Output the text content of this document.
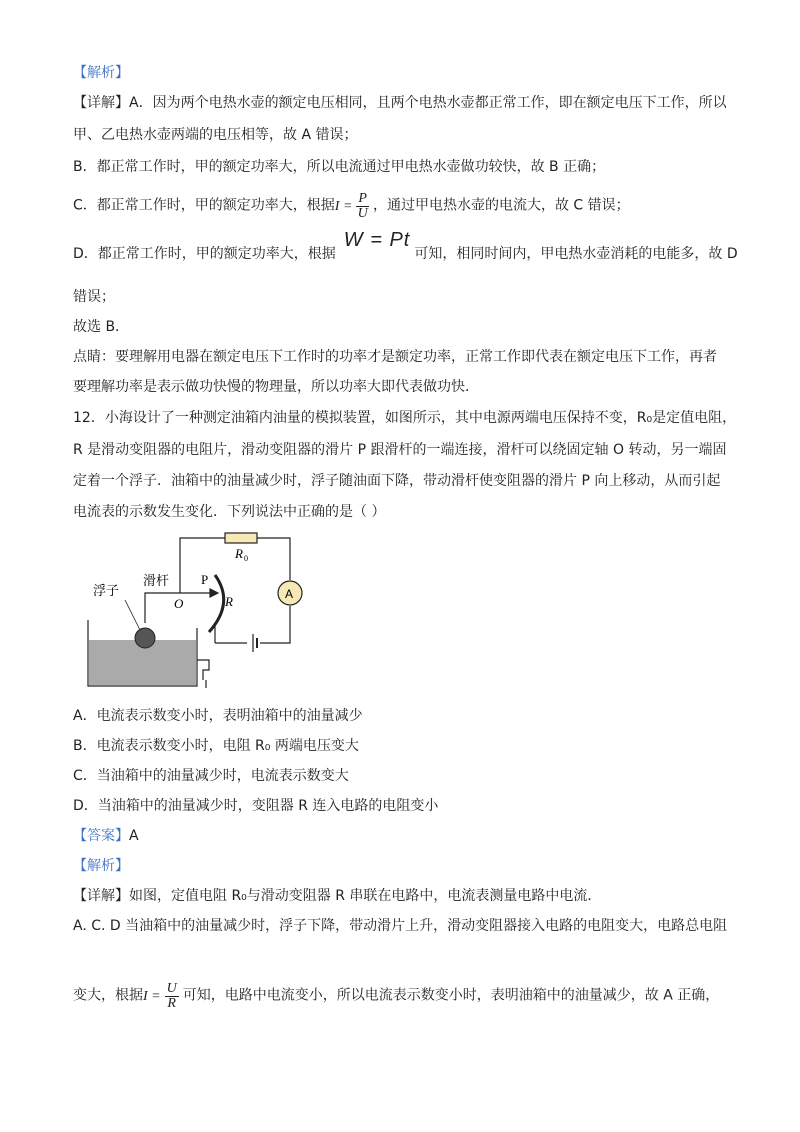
【解析】
【详解】A．因为两个电热水壶的额定电压相同，且两个电热水壶都正常工作，即在额定电压下工作，所以
甲、乙电热水壶两端的电压相等，故 A 错误；
B．都正常工作时，甲的额定功率大，所以电流通过甲电热水壶做功较快，故 B 正确；
C．都正常工作时，甲的额定功率大，根据$I = \frac{P}{U}$ ，通过甲电热水壶的电流大，故 C 错误；
D．都正常工作时，甲的额定功率大，根据W = Pt可知，相同时间内，甲电热水壶消耗的电能多，故 D
错误；
故选 B．
点睛：要理解用电器在额定电压下工作时的功率才是额定功率，正常工作即代表在额定电压下工作，再者
要理解功率是表示做功快慢的物理量，所以功率大即代表做功快．
12．小海设计了一种测定油箱内油量的模拟装置，如图所示，其中电源两端电压保持不变，R₀是定值电阻，
R 是滑动变阻器的电阻片，滑动变阻器的滑片 P 跟滑杆的一端连接，滑杆可以绕固定轴 O 转动，另一端固
定着一个浮子．油箱中的油量减少时，浮子随油面下降，带动滑杆使变阻器的滑片 P 向上移动，从而引起
电流表的示数发生变化．下列说法中正确的是（ ）
浮子
滑杆 P
O	R
R 0
A
A．电流表示数变小时，表明油箱中的油量减少
B．电流表示数变小时，电阻 R₀ 两端电压变大
C．当油箱中的油量减少时，电流表示数变大
D．当油箱中的油量减少时，变阻器 R 连入电路的电阻变小
【答案】A
【解析】
【详解】如图，定值电阻 R₀与滑动变阻器 R 串联在电路中，电流表测量电路中电流．
A. C. D 当油箱中的油量减少时，浮子下降，带动滑片上升，滑动变阻器接入电路的电阻变大，电路总电阻
变大，根据$I = \frac{U}{R}$ 可知，电路中电流变小，所以电流表示数变小时，表明油箱中的油量减少，故 A 正确，
